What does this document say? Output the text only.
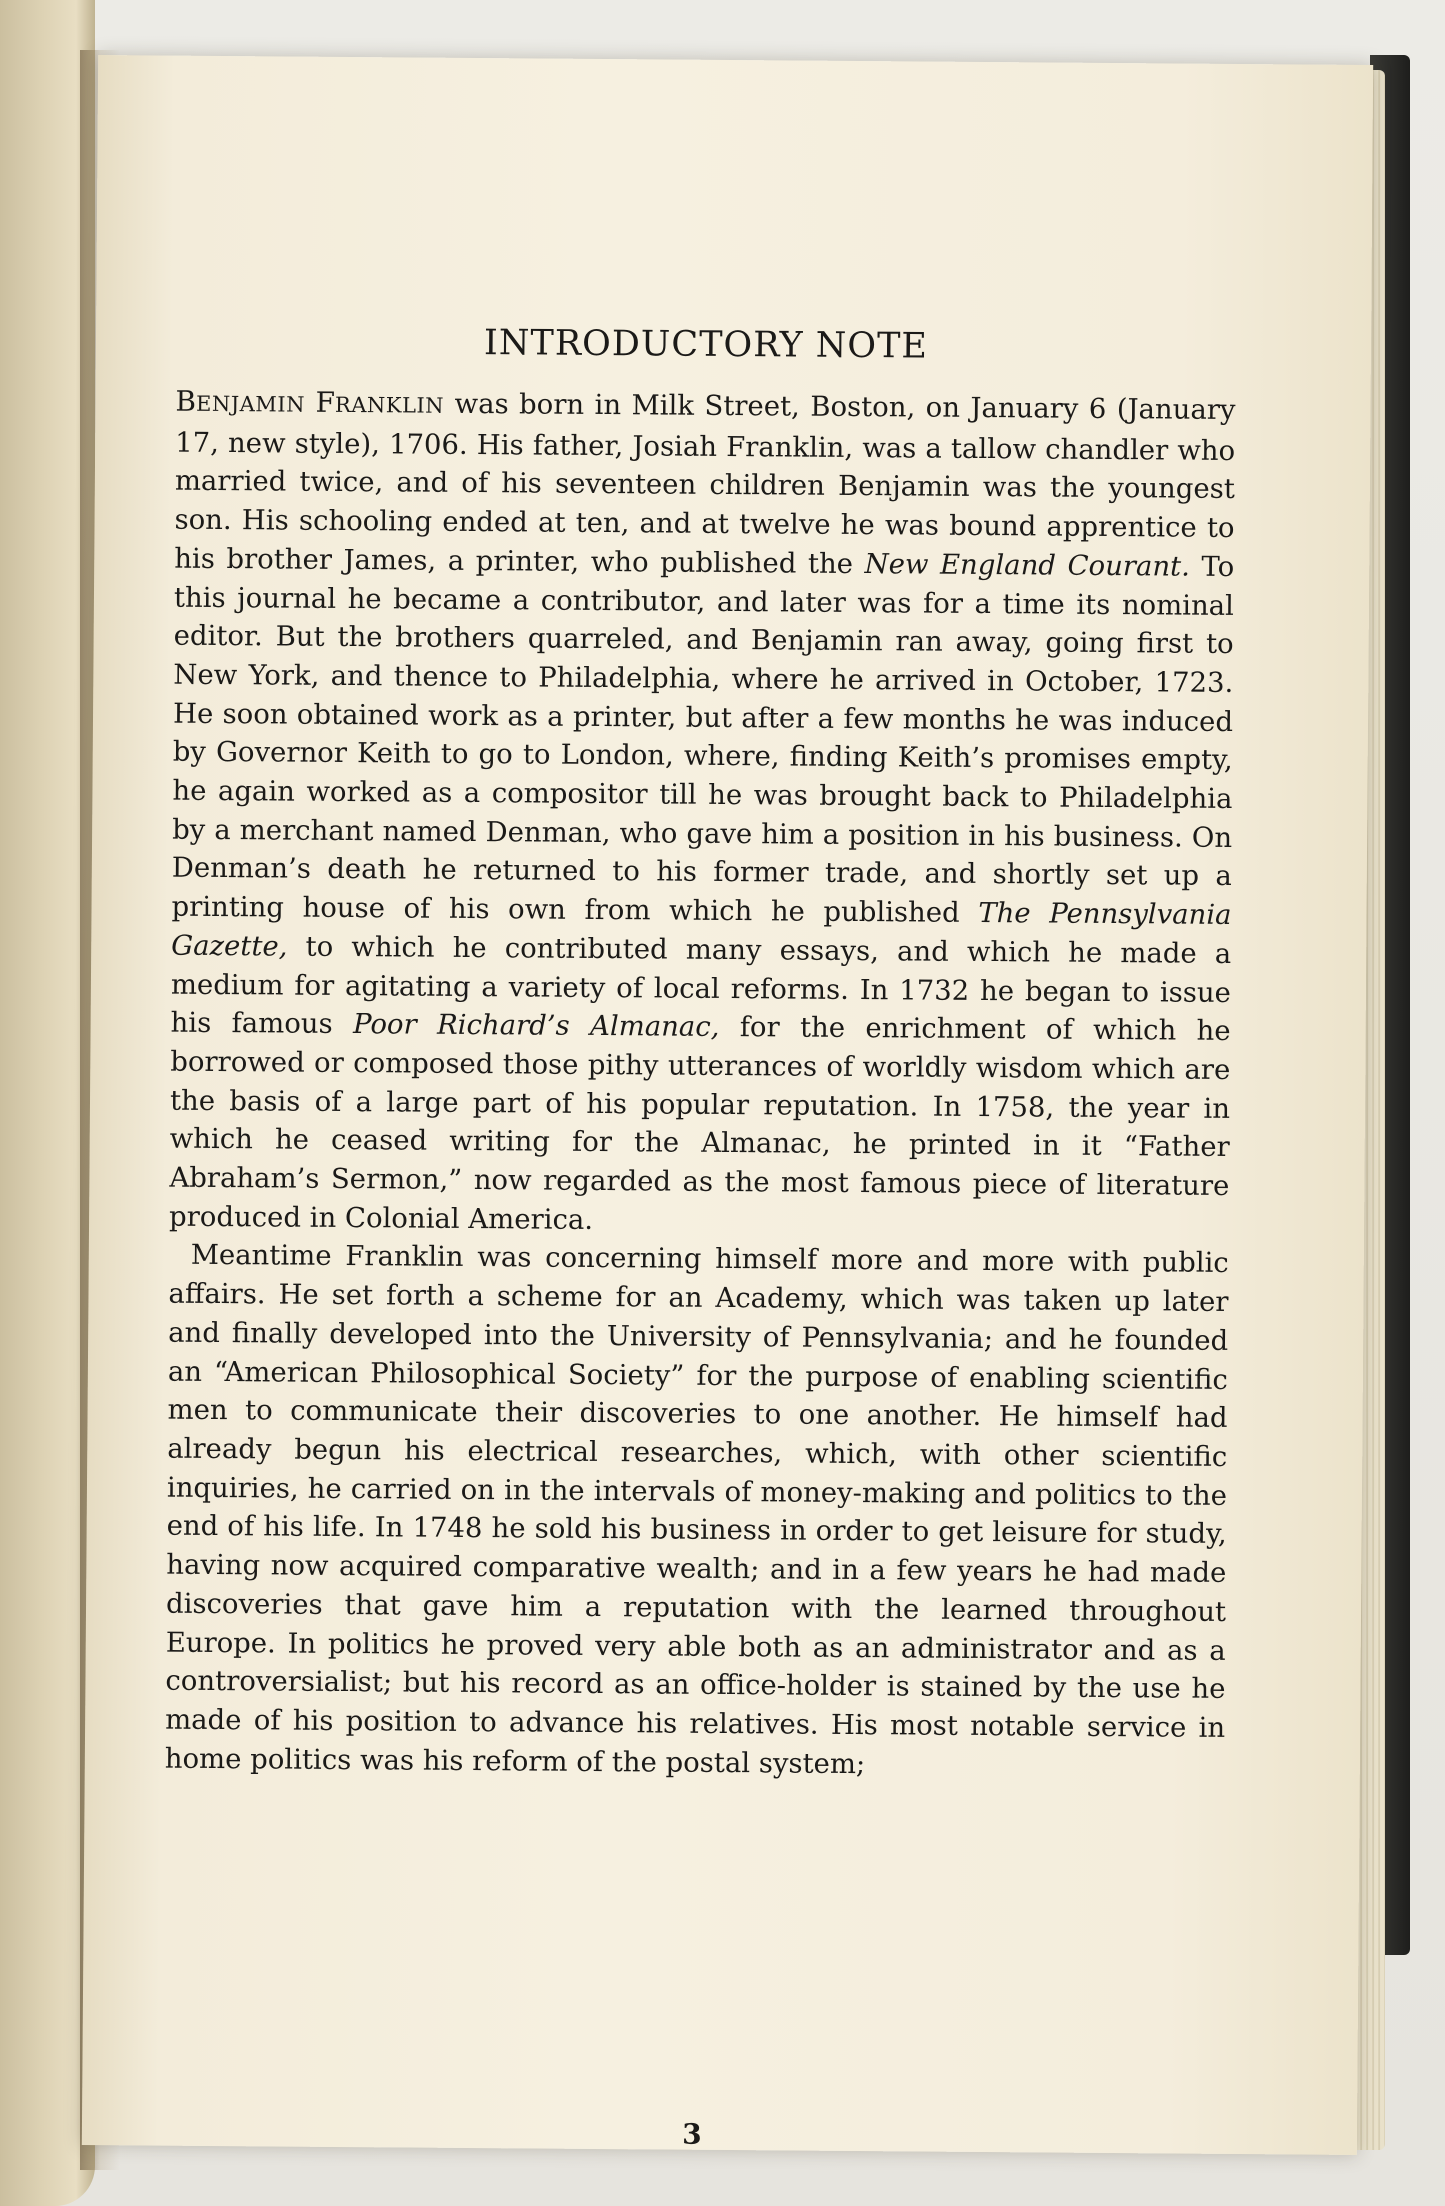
INTRODUCTORY NOTE

BENJAMIN FRANKLIN was born in Milk Street, Boston, on January 6 (January 17, new style), 1706. His father, Josiah Franklin, was a tallow chandler who married twice, and of his seventeen children Benjamin was the youngest son. His schooling ended at ten, and at twelve he was bound apprentice to his brother James, a printer, who published the New England Courant. To this journal he became a contributor, and later was for a time its nominal editor. But the brothers quarreled, and Benjamin ran away, going first to New York, and thence to Philadelphia, where he arrived in October, 1723. He soon obtained work as a printer, but after a few months he was induced by Governor Keith to go to London, where, finding Keith’s promises empty, he again worked as a compositor till he was brought back to Philadelphia by a merchant named Denman, who gave him a position in his business. On Denman’s death he returned to his former trade, and shortly set up a printing house of his own from which he published The Pennsylvania Gazette, to which he contributed many essays, and which he made a medium for agitating a variety of local reforms. In 1732 he began to issue his famous Poor Richard’s Almanac, for the enrichment of which he borrowed or composed those pithy utterances of worldly wisdom which are the basis of a large part of his popular reputation. In 1758, the year in which he ceased writing for the Almanac, he printed in it “Father Abraham’s Sermon,” now regarded as the most famous piece of literature produced in Colonial America.

Meantime Franklin was concerning himself more and more with public affairs. He set forth a scheme for an Academy, which was taken up later and finally developed into the University of Pennsylvania; and he founded an “American Philosophical Society” for the purpose of enabling scientific men to communicate their discoveries to one another. He himself had already begun his electrical researches, which, with other scientific inquiries, he carried on in the intervals of money-making and politics to the end of his life. In 1748 he sold his business in order to get leisure for study, having now acquired comparative wealth; and in a few years he had made discoveries that gave him a reputation with the learned throughout Europe. In politics he proved very able both as an administrator and as a controversialist; but his record as an office-holder is stained by the use he made of his position to advance his relatives. His most notable service in home politics was his reform of the postal system;

3
